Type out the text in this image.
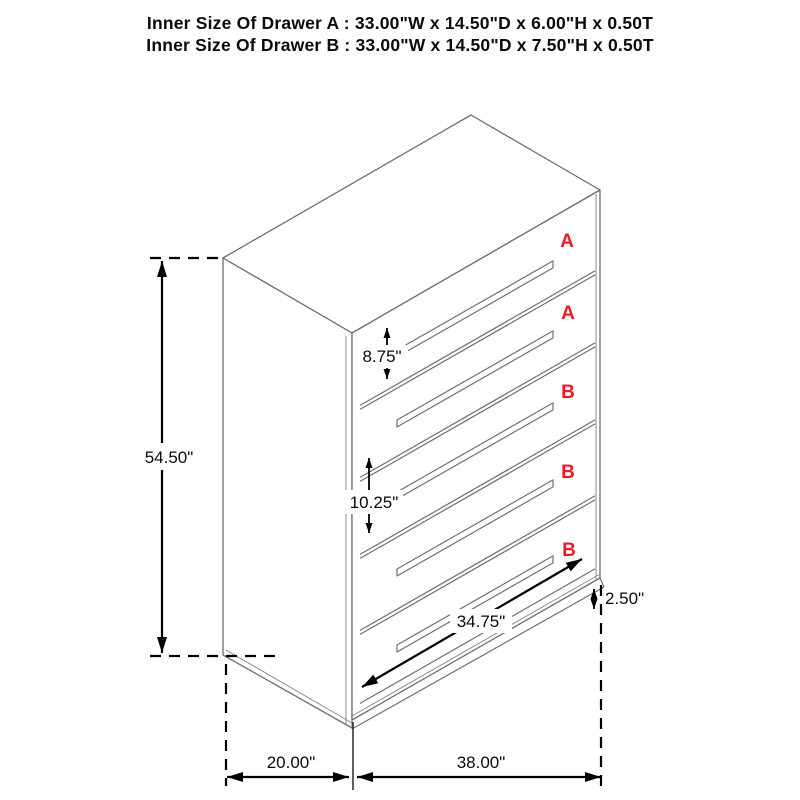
Inner Size Of Drawer A : 33.00"W x 14.50"D x 6.00"H x 0.50T
Inner Size Of Drawer B : 33.00"W x 14.50"D x 7.50"H x 0.50T
A
A
B
B
B
54.50"
8.75"
10.25"
34.75"
2.50"
20.00"	38.00"
